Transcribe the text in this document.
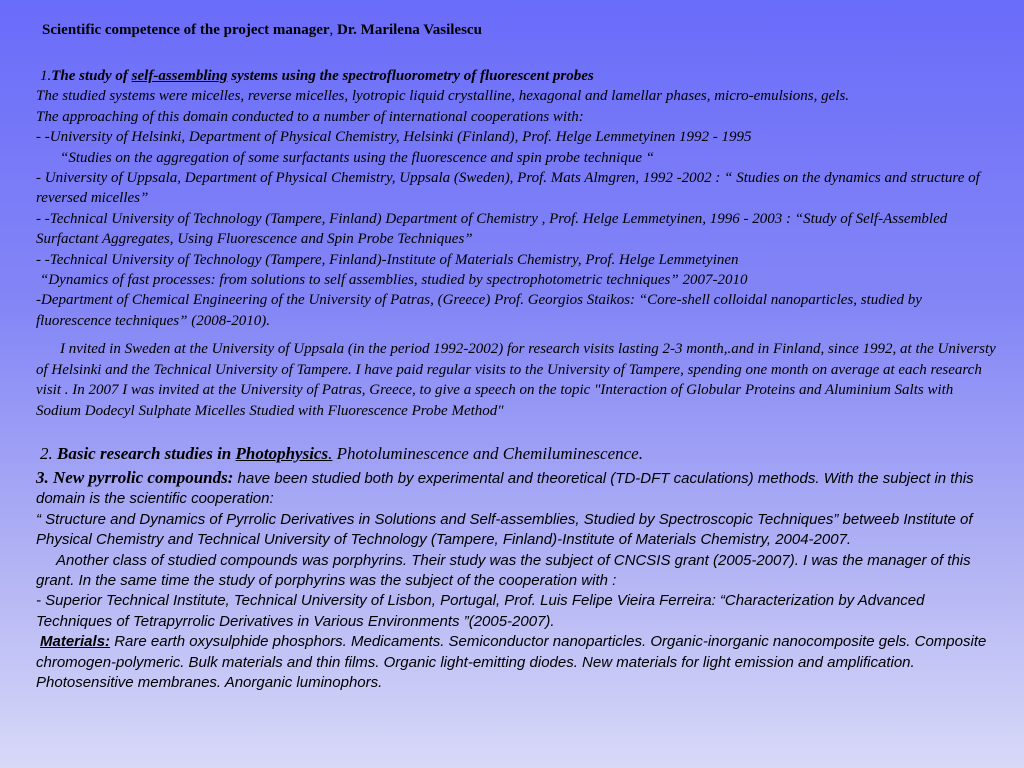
Scientific competence of the project manager, Dr. Marilena Vasilescu

1.The study of self-assembling systems using the spectrofluorometry of fluorescent probes

The studied systems were micelles, reverse micelles, lyotropic liquid crystalline, hexagonal and lamellar phases, micro-emulsions, gels.

The approaching of this domain conducted to a number of international cooperations with:

- -University of Helsinki, Department of Physical Chemistry, Helsinki (Finland), Prof. Helge Lemmetyinen 1992 - 1995

“Studies on the aggregation of some surfactants using the fluorescence and spin probe technique “

- University of Uppsala, Department of Physical Chemistry, Uppsala (Sweden), Prof. Mats Almgren, 1992 -2002 : “ Studies on the dynamics and structure of reversed micelles”

- -Technical University of Technology (Tampere, Finland) Department of Chemistry , Prof. Helge Lemmetyinen, 1996 - 2003 : “Study of Self-Assembled Surfactant Aggregates, Using Fluorescence and Spin Probe Techniques”

- -Technical University of Technology (Tampere, Finland)-Institute of Materials Chemistry, Prof. Helge Lemmetyinen

“Dynamics of fast processes: from solutions to self assemblies, studied by spectrophotometric techniques” 2007-2010

-Department of Chemical Engineering of the University of Patras, (Greece) Prof. Georgios Staikos: “Core-shell colloidal nanoparticles, studied by fluorescence techniques” (2008-2010).

I nvited in Sweden at the University of Uppsala (in the period 1992-2002) for research visits lasting 2-3 month,.and in Finland, since 1992, at the Universty of Helsinki and the Technical University of Tampere. I have paid regular visits to the University of Tampere, spending one month on average at each research visit . In 2007 I was invited at the University of Patras, Greece, to give a speech on the topic "Interaction of Globular Proteins and Aluminium Salts with Sodium Dodecyl Sulphate Micelles Studied with Fluorescence Probe Method"

2. Basic research studies in Photophysics. Photoluminescence and Chemiluminescence.

3. New pyrrolic compounds: have been studied both by experimental and theoretical (TD-DFT caculations) methods. With the subject in this domain is the scientific cooperation:

“ Structure and Dynamics of Pyrrolic Derivatives in Solutions and Self-assemblies, Studied by Spectroscopic Techniques” betweeb Institute of Physical Chemistry and Technical University of Technology (Tampere, Finland)-Institute of Materials Chemistry, 2004-2007.

Another class of studied compounds was porphyrins. Their study was the subject of CNCSIS grant (2005-2007). I was the manager of this grant. In the same time the study of porphyrins was the subject of the cooperation with :

- Superior Technical Institute, Technical University of Lisbon, Portugal, Prof. Luis Felipe Vieira Ferreira: “Characterization by Advanced Techniques of Tetrapyrrolic Derivatives in Various Environments ”(2005-2007).

Materials: Rare earth oxysulphide phosphors. Medicaments. Semiconductor nanoparticles. Organic-inorganic nanocomposite gels. Composite chromogen-polymeric. Bulk materials and thin films. Organic light-emitting diodes. New materials for light emission and amplification. Photosensitive membranes. Anorganic luminophors.
